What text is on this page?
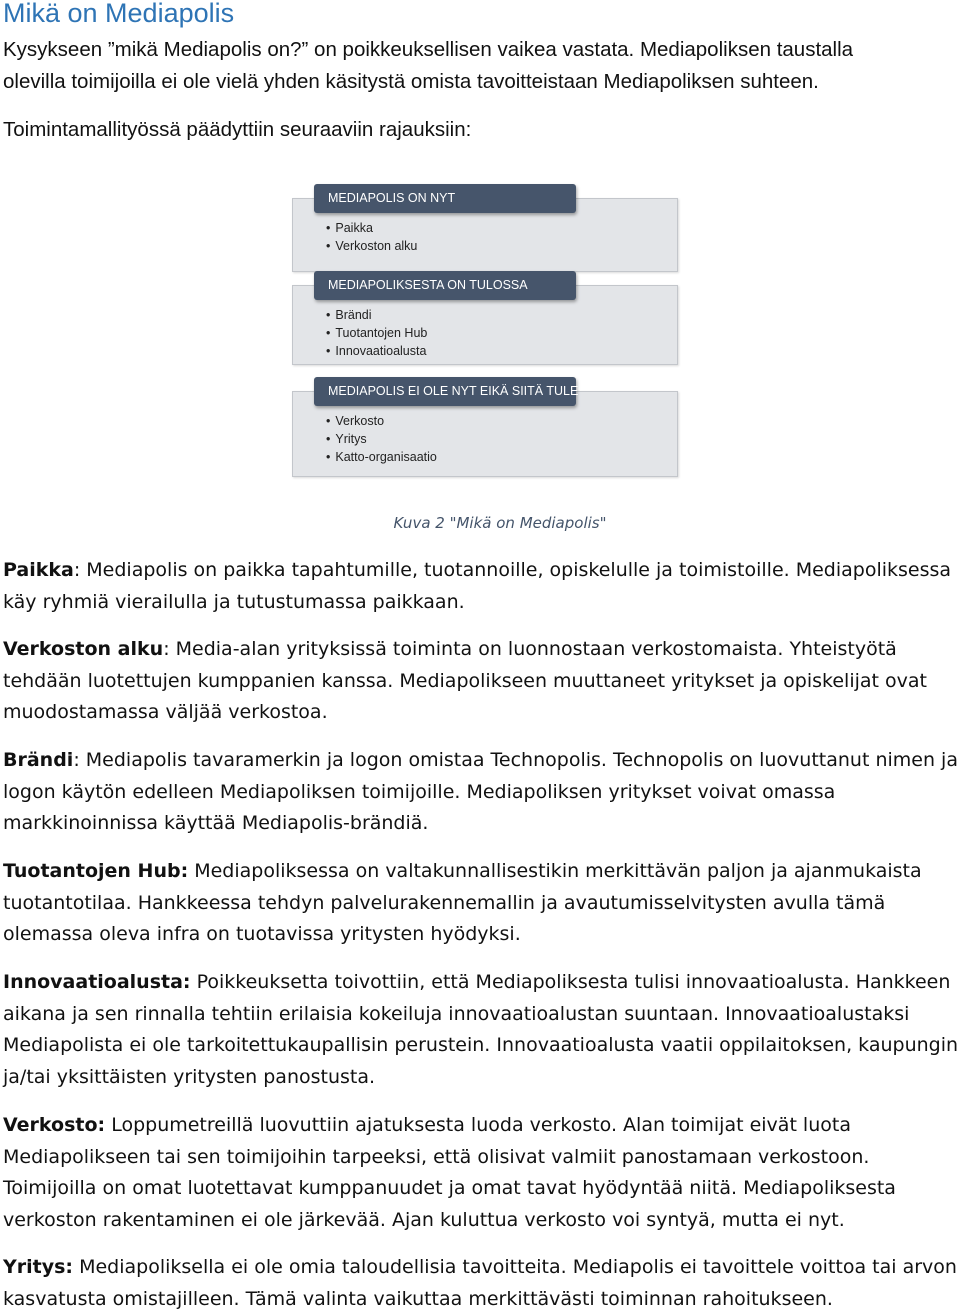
Mikä on Mediapolis
Kysykseen ”mikä Mediapolis on?” on poikkeuksellisen vaikea vastata. Mediapoliksen taustalla
olevilla toimijoilla ei ole vielä yhden käsitystä omista tavoitteistaan Mediapoliksen suhteen.
Toimintamallityössä päädyttiin seuraaviin rajauksiin:
MEDIAPOLIS ON NYT
• Paikka
• Verkoston alku
MEDIAPOLIKSESTA ON TULOSSA
• Brändi
• Tuotantojen Hub
• Innovaatioalusta
MEDIAPOLIS EI OLE NYT EIKÄ SIITÄ TULE
• Verkosto
• Yritys
• Katto-organisaatio
Kuva 2 "Mikä on Mediapolis"
Paikka: Mediapolis on paikka tapahtumille, tuotannoille, opiskelulle ja toimistoille. Mediapoliksessa käy ryhmiä vierailulla ja tutustumassa paikkaan.
Verkoston alku: Media-alan yrityksissä toiminta on luonnostaan verkostomaista. Yhteistyötä tehdään luotettujen kumppanien kanssa. Mediapolikseen muuttaneet yritykset ja opiskelijat ovat muodostamassa väljää verkostoa.
Brändi: Mediapolis tavaramerkin ja logon omistaa Technopolis. Technopolis on luovuttanut nimen ja logon käytön edelleen Mediapoliksen toimijoille. Mediapoliksen yritykset voivat omassa markkinoinnissa käyttää Mediapolis-brändiä.
Tuotantojen Hub: Mediapoliksessa on valtakunnallisestikin merkittävän paljon ja ajanmukaista tuotantotilaa. Hankkeessa tehdyn palvelurakennemallin ja avautumisselvitysten avulla tämä olemassa oleva infra on tuotavissa yritysten hyödyksi.
Innovaatioalusta: Poikkeuksetta toivottiin, että Mediapoliksesta tulisi innovaatioalusta. Hankkeen aikana ja sen rinnalla tehtiin erilaisia kokeiluja innovaatioalustan suuntaan. Innovaatioalustaksi Mediapolista ei ole tarkoitettukaupallisin perustein. Innovaatioalusta vaatii oppilaitoksen, kaupungin ja/tai yksittäisten yritysten panostusta.
Verkosto: Loppumetreillä luovuttiin ajatuksesta luoda verkosto. Alan toimijat eivät luota Mediapolikseen tai sen toimijoihin tarpeeksi, että olisivat valmiit panostamaan verkostoon. Toimijoilla on omat luotettavat kumppanuudet ja omat tavat hyödyntää niitä. Mediapoliksesta verkoston rakentaminen ei ole järkevää. Ajan kuluttua verkosto voi syntyä, mutta ei nyt.
Yritys: Mediapoliksella ei ole omia taloudellisia tavoitteita. Mediapolis ei tavoittele voittoa tai arvon kasvatusta omistajilleen. Tämä valinta vaikuttaa merkittävästi toiminnan rahoitukseen.
